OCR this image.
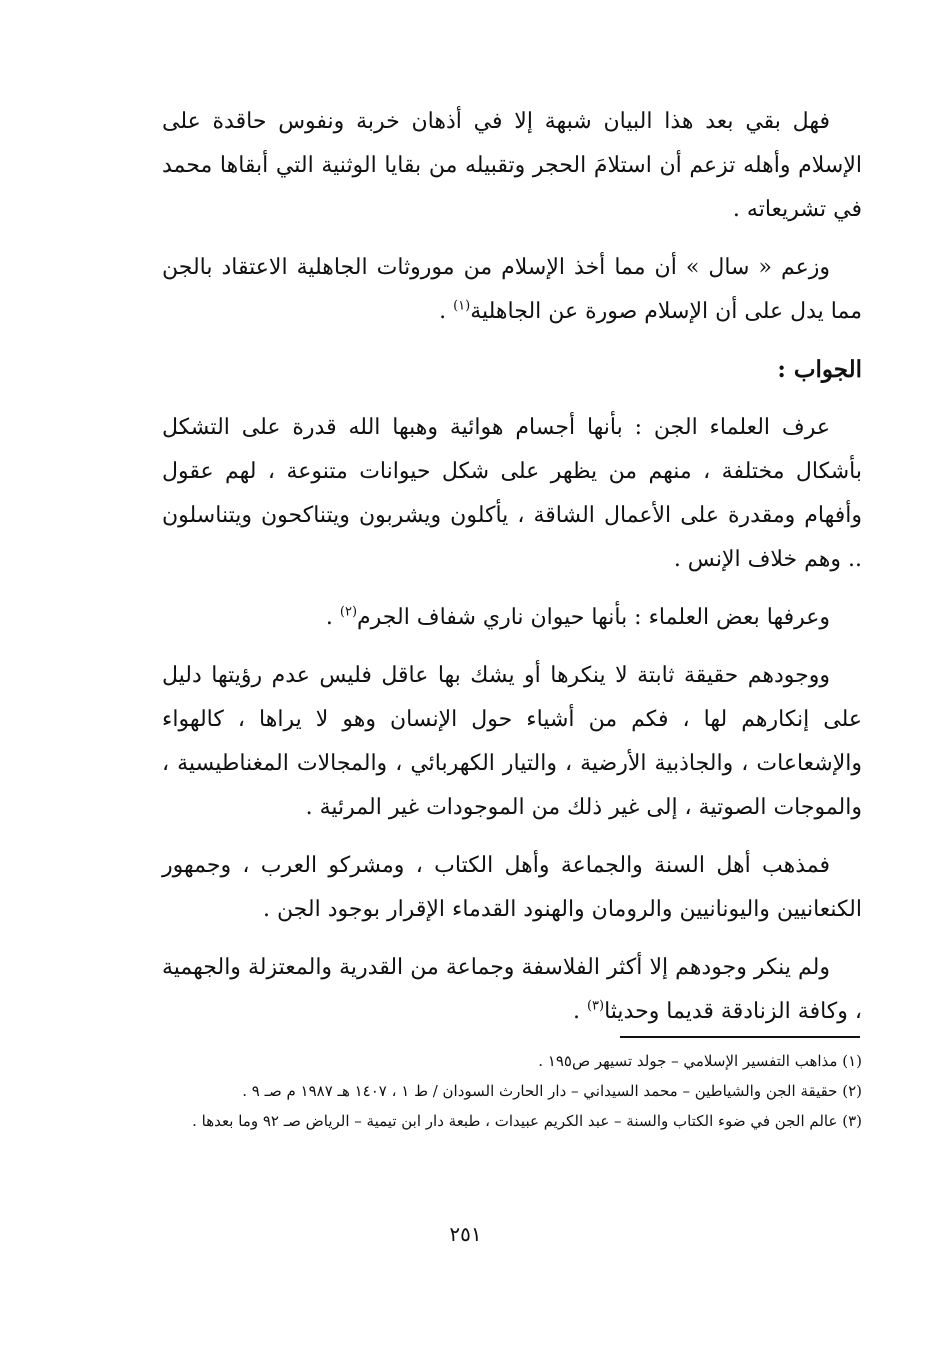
فهل بقي بعد هذا البيان شبهة إلا في أذهان خربة ونفوس حاقدة على الإسلام وأهله تزعم أن استلامَ الحجر وتقبيله من بقايا الوثنية التي أبقاها محمد في تشريعاته .

وزعم « سال » أن مما أخذ الإسلام من موروثات الجاهلية الاعتقاد بالجن مما يدل على أن الإسلام صورة عن الجاهلية$^{(١)}$ .

الجواب :

عرف العلماء الجن : بأنها أجسام هوائية وهبها الله قدرة على التشكل بأشكال مختلفة ، منهم من يظهر على شكل حيوانات متنوعة ، لهم عقول وأفهام ومقدرة على الأعمال الشاقة ، يأكلون ويشربون ويتناكحون ويتناسلون .. وهم خلاف الإنس .

وعرفها بعض العلماء : بأنها حيوان ناري شفاف الجرم$^{(٢)}$ .

ووجودهم حقيقة ثابتة لا ينكرها أو يشك بها عاقل فليس عدم رؤيتها دليل على إنكارهم لها ، فكم من أشياء حول الإنسان وهو لا يراها ، كالهواء والإشعاعات ، والجاذبية الأرضية ، والتيار الكهربائي ، والمجالات المغناطيسية ، والموجات الصوتية ، إلى غير ذلك من الموجودات غير المرئية .

فمذهب أهل السنة والجماعة وأهل الكتاب ، ومشركو العرب ، وجمهور الكنعانيين واليونانيين والرومان والهنود القدماء الإقرار بوجود الجن .

ولم ينكر وجودهم إلا أكثر الفلاسفة وجماعة من القدرية والمعتزلة والجهمية ، وكافة الزنادقة قديما وحديثا$^{(٣)}$ .

(١) مذاهب التفسير الإسلامي – جولد تسيهر ص١٩٥ .

(٢) حقيقة الجن والشياطين – محمد السيداني – دار الحارث السودان / ط ١ ، ١٤٠٧ هـ ١٩٨٧ م صـ ٩ .

(٣) عالم الجن في ضوء الكتاب والسنة – عبد الكريم عبيدات ، طبعة دار ابن تيمية – الرياض صـ ٩٢ وما بعدها .

٢٥١
